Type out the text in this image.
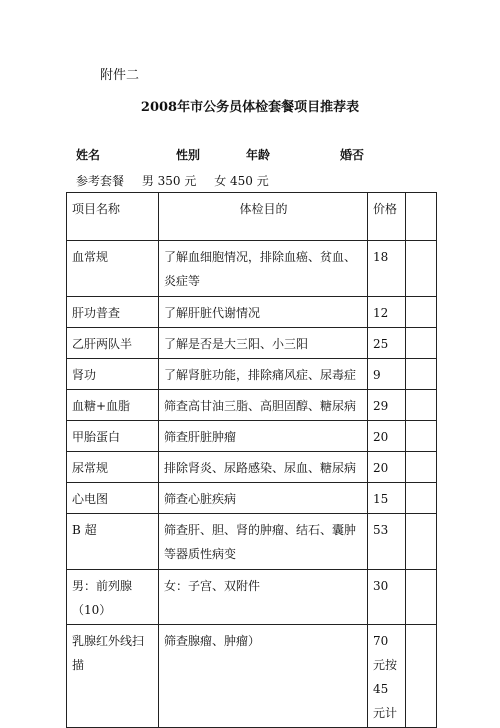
附件二
2008年市公务员体检套餐项目推荐表
姓名	性别	年龄	婚否
参考套餐 男 350 元 女 450 元
项目名称	体检目的	价格	
血常规	了解血细胞情况，排除血癌、贫血、炎症等	18	
肝功普查	了解肝脏代谢情况	12	
乙肝两队半	了解是否是大三阳、小三阳	25	
肾功	了解肾脏功能，排除痛风症、尿毒症	9	
血糖+血脂	筛查高甘油三脂、高胆固醇、糖尿病	29	
甲胎蛋白	筛查肝脏肿瘤	20	
尿常规	排除肾炎、尿路感染、尿血、糖尿病	20	
心电图	筛查心脏疾病	15	
B 超	筛查肝、胆、肾的肿瘤、结石、囊肿等器质性病变	53	
男：前列腺（10）	女：子宫、双附件	30	
乳腺红外线扫描	筛查腺瘤、肿瘤）	70 元按 45 元计	
